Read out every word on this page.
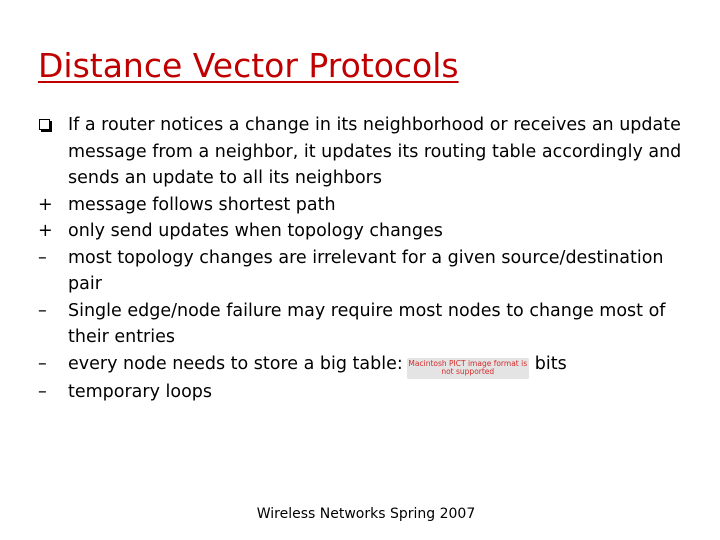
Distance Vector Protocols
If a router notices a change in its neighborhood or receives an update message from a neighbor, it updates its routing table accordingly and sends an update to all its neighbors
+ message follows shortest path
+ only send updates when topology changes
–	most topology changes are irrelevant for a given source/destination pair
–	Single edge/node failure may require most nodes to change most of their entries
–	every node needs to store a big table: Macintosh PICT image format is not supported bits
–	temporary loops
Wireless Networks Spring 2007
